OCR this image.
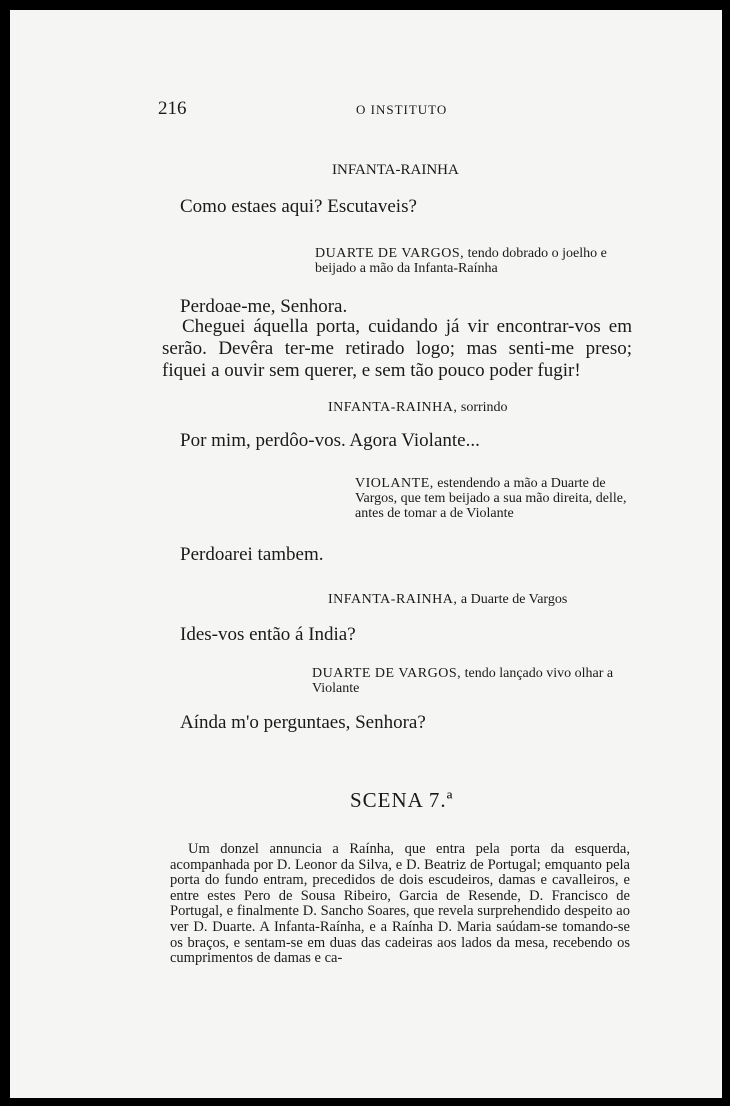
216	O INSTITUTO
INFANTA-RAINHA
Como estaes aqui? Escutaveis?
DUARTE DE VARGOS, tendo dobrado o joelho e beijado a mão da Infanta-Raínha
Perdoae-me, Senhora.
Cheguei áquella porta, cuidando já vir encontrar-vos em serão. Devêra ter-me retirado logo; mas senti-me preso; fiquei a ouvir sem querer, e sem tão pouco poder fugir!
INFANTA-RAINHA, sorrindo
Por mim, perdôo-vos. Agora Violante...
VIOLANTE, estendendo a mão a Duarte de Vargos, que tem beijado a sua mão direita, delle, antes de tomar a de Violante
Perdoarei tambem.
INFANTA-RAINHA, a Duarte de Vargos
Ides-vos então á India?
DUARTE DE VARGOS, tendo lançado vivo olhar a Violante
Aínda m'o perguntaes, Senhora?
SCENA 7.ª
Um donzel annuncia a Raínha, que entra pela porta da esquerda, acompanhada por D. Leonor da Silva, e D. Beatriz de Portugal; emquanto pela porta do fundo entram, precedidos de dois escudeiros, damas e cavalleiros, e entre estes Pero de Sousa Ribeiro, Garcia de Resende, D. Francisco de Portugal, e finalmente D. Sancho Soares, que revela surprehendido despeito ao ver D. Duarte. A Infanta-Raínha, e a Raínha D. Maria saúdam-se tomando-se os braços, e sentam-se em duas das cadeiras aos lados da mesa, recebendo os cumprimentos de damas e ca-
